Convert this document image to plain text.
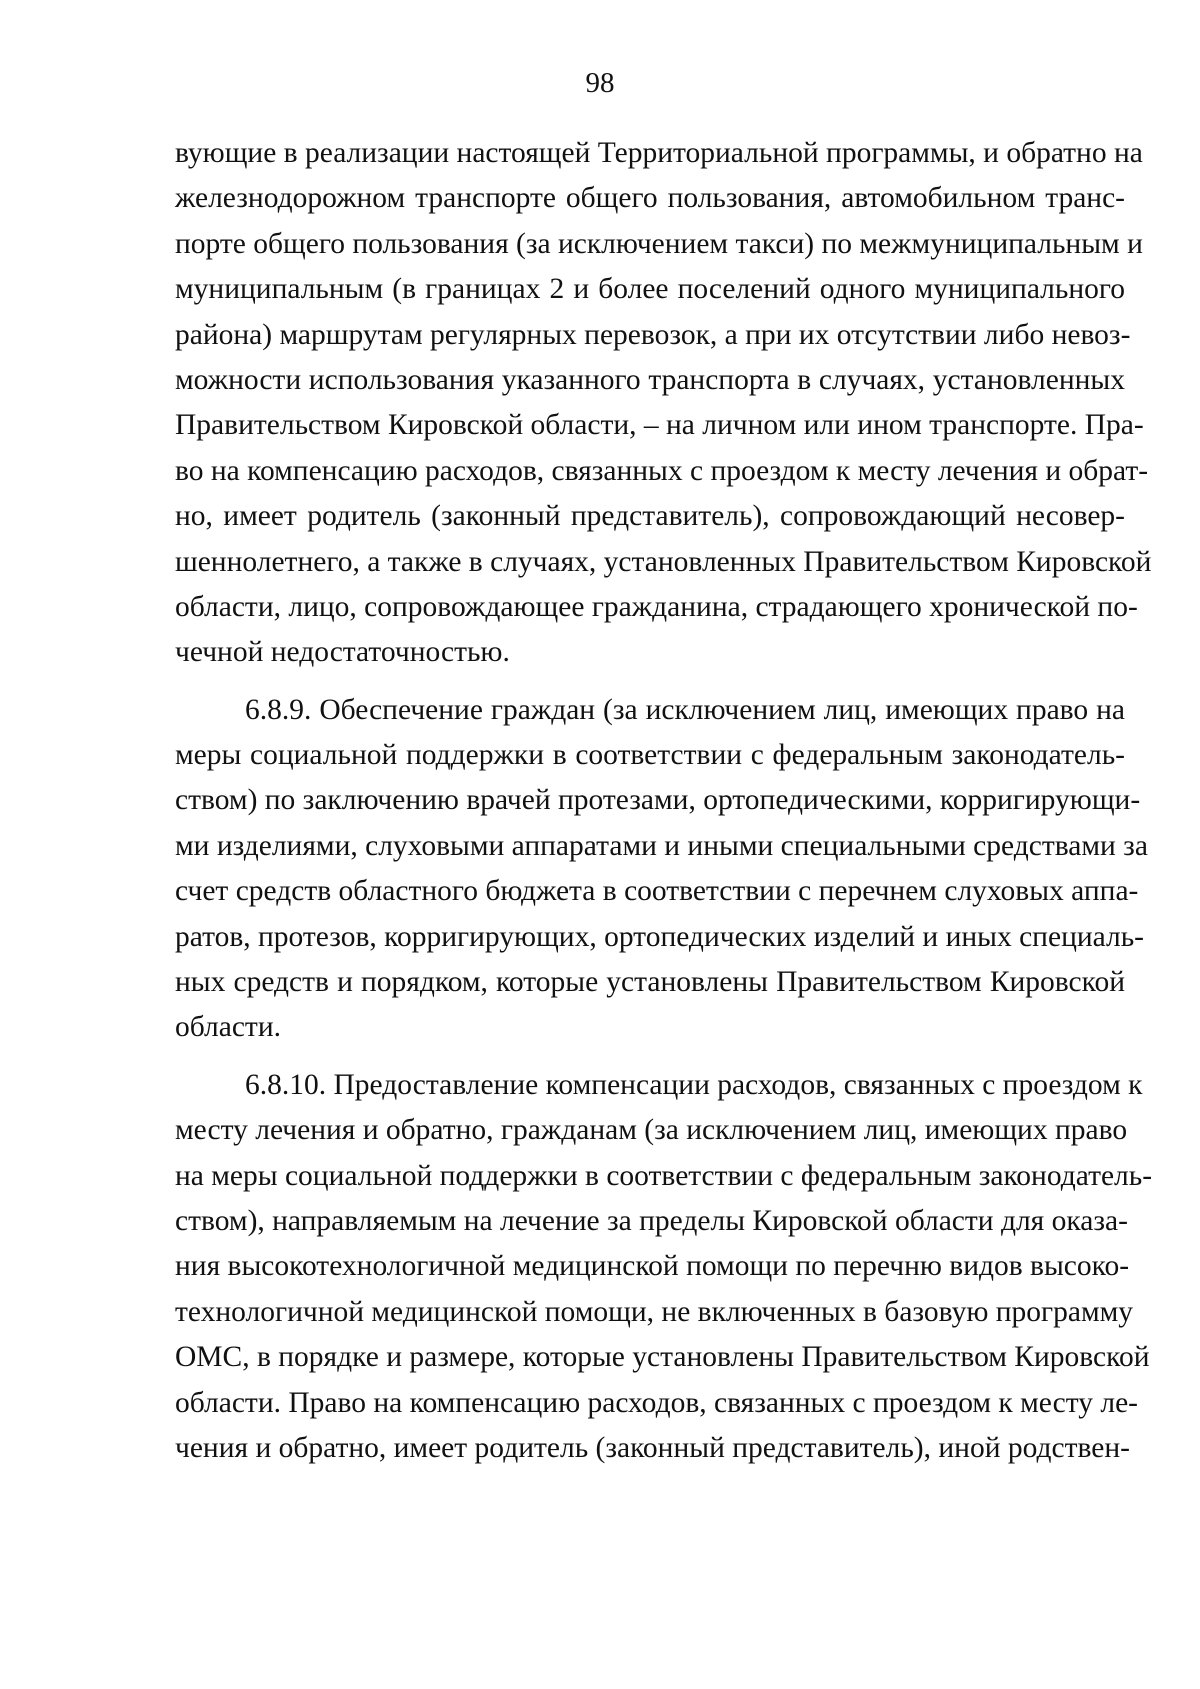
98
вующие в реализации настоящей Территориальной программы, и обратно на
железнодорожном транспорте общего пользования, автомобильном транс-
порте общего пользования (за исключением такси) по межмуниципальным и
муниципальным (в границах 2 и более поселений одного муниципального
района) маршрутам регулярных перевозок, а при их отсутствии либо невоз-
можности использования указанного транспорта в случаях, установленных
Правительством Кировской области, – на личном или ином транспорте. Пра-
во на компенсацию расходов, связанных с проездом к месту лечения и обрат-
но, имеет родитель (законный представитель), сопровождающий несовер-
шеннолетнего, а также в случаях, установленных Правительством Кировской
области, лицо, сопровождающее гражданина, страдающего хронической по-
чечной недостаточностью.
6.8.9. Обеспечение граждан (за исключением лиц, имеющих право на
меры социальной поддержки в соответствии с федеральным законодатель-
ством) по заключению врачей протезами, ортопедическими, корригирующи-
ми изделиями, слуховыми аппаратами и иными специальными средствами за
счет средств областного бюджета в соответствии с перечнем слуховых аппа-
ратов, протезов, корригирующих, ортопедических изделий и иных специаль-
ных средств и порядком, которые установлены Правительством Кировской
области.
6.8.10. Предоставление компенсации расходов, связанных с проездом к
месту лечения и обратно, гражданам (за исключением лиц, имеющих право
на меры социальной поддержки в соответствии с федеральным законодатель-
ством), направляемым на лечение за пределы Кировской области для оказа-
ния высокотехнологичной медицинской помощи по перечню видов высоко-
технологичной медицинской помощи, не включенных в базовую программу
ОМС, в порядке и размере, которые установлены Правительством Кировской
области. Право на компенсацию расходов, связанных с проездом к месту ле-
чения и обратно, имеет родитель (законный представитель), иной родствен-
